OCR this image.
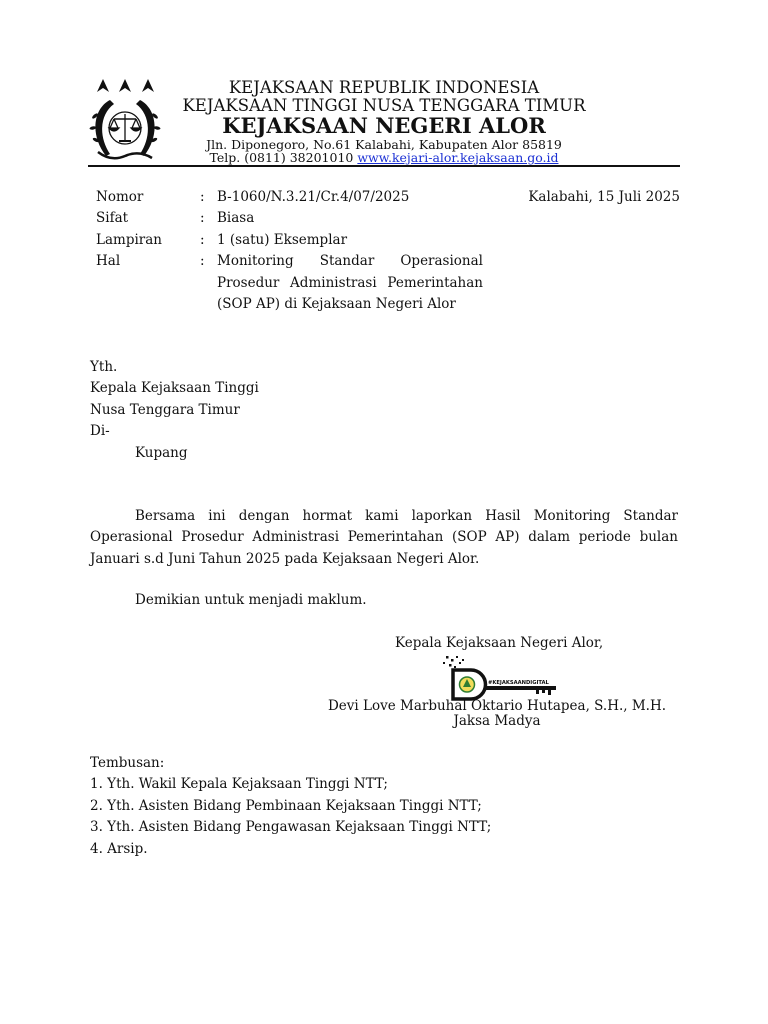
KEJAKSAAN REPUBLIK INDONESIA
KEJAKSAAN TINGGI NUSA TENGGARA TIMUR
KEJAKSAAN NEGERI ALOR
Jln. Diponegoro, No.61 Kalabahi, Kabupaten Alor 85819
Telp. (0811) 38201010 www.kejari-alor.kejaksaan.go.id
Kalabahi, 15 Juli 2025
Nomor	: B-1060/N.3.21/Cr.4/07/2025
Sifat	: Biasa
Lampiran	: 1 (satu) Eksemplar
Hal	: Monitoring Standar Operasional Prosedur Administrasi Pemerintahan (SOP AP) di Kejaksaan Negeri Alor
Yth.
Kepala Kejaksaan Tinggi
Nusa Tenggara Timur
Di-
Kupang
Bersama ini dengan hormat kami laporkan Hasil Monitoring Standar Operasional Prosedur Administrasi Pemerintahan (SOP AP) dalam periode bulan Januari s.d Juni Tahun 2025 pada Kejaksaan Negeri Alor.
Demikian untuk menjadi maklum.
Kepala Kejaksaan Negeri Alor,
#KEJAKSAANDIGITAL
Devi Love Marbuhal Oktario Hutapea, S.H., M.H.
Jaksa Madya
Tembusan:
1. Yth. Wakil Kepala Kejaksaan Tinggi NTT;
2. Yth. Asisten Bidang Pembinaan Kejaksaan Tinggi NTT;
3. Yth. Asisten Bidang Pengawasan Kejaksaan Tinggi NTT;
4. Arsip.
